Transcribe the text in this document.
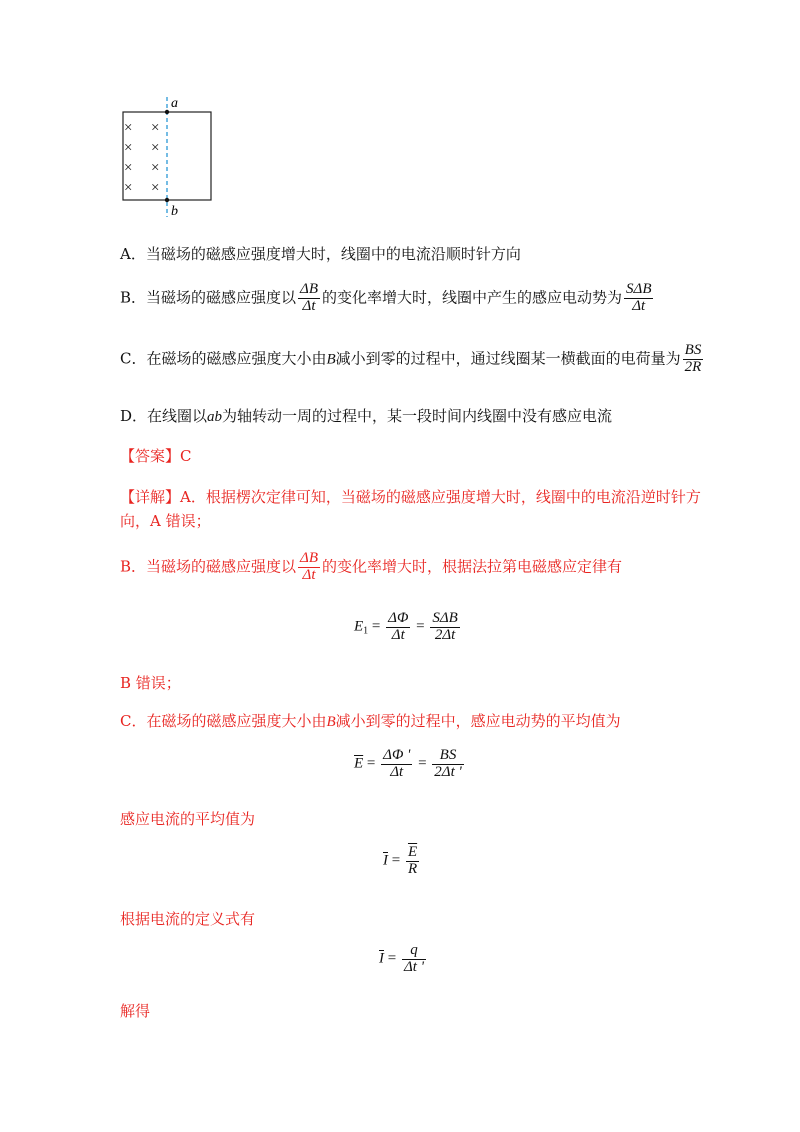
a
b
× ×
× ×
× ×
× ×
A．当磁场的磁感应强度增大时，线圈中的电流沿顺时针方向
B．当磁场的磁感应强度以 $\frac{\Delta B}{\Delta t}$ 的变化率增大时，线圈中产生的感应电动势为 $\frac{\text{SΔB}}{\Delta t}$
C．在磁场的磁感应强度大小由B减小到零的过程中，通过线圈某一横截面的电荷量为 $\frac{BS}{2R}$
D．在线圈以ab为轴转动一周的过程中，某一段时间内线圈中没有感应电流
【答案】C
【详解】A．根据楞次定律可知，当磁场的磁感应强度增大时，线圈中的电流沿逆时针方
向，A 错误；
B．当磁场的磁感应强度以 $\frac{\Delta B}{\Delta t}$ 的变化率增大时，根据法拉第电磁感应定律有
$E_1 = \frac{\Delta\Phi}{\Delta t} = \frac{\text{SΔB}}{2\Delta t}$
B 错误；
C．在磁场的磁感应强度大小由B减小到零的过程中，感应电动势的平均值为
$\overline{E} = \frac{\Delta\Phi '}{\Delta t} = \frac{BS}{2\Delta t '}$
感应电流的平均值为
$\overline{I} = \frac{\overline{E}}{R}$
根据电流的定义式有
$\overline{I} = \frac{q}{\Delta t '}$
解得
